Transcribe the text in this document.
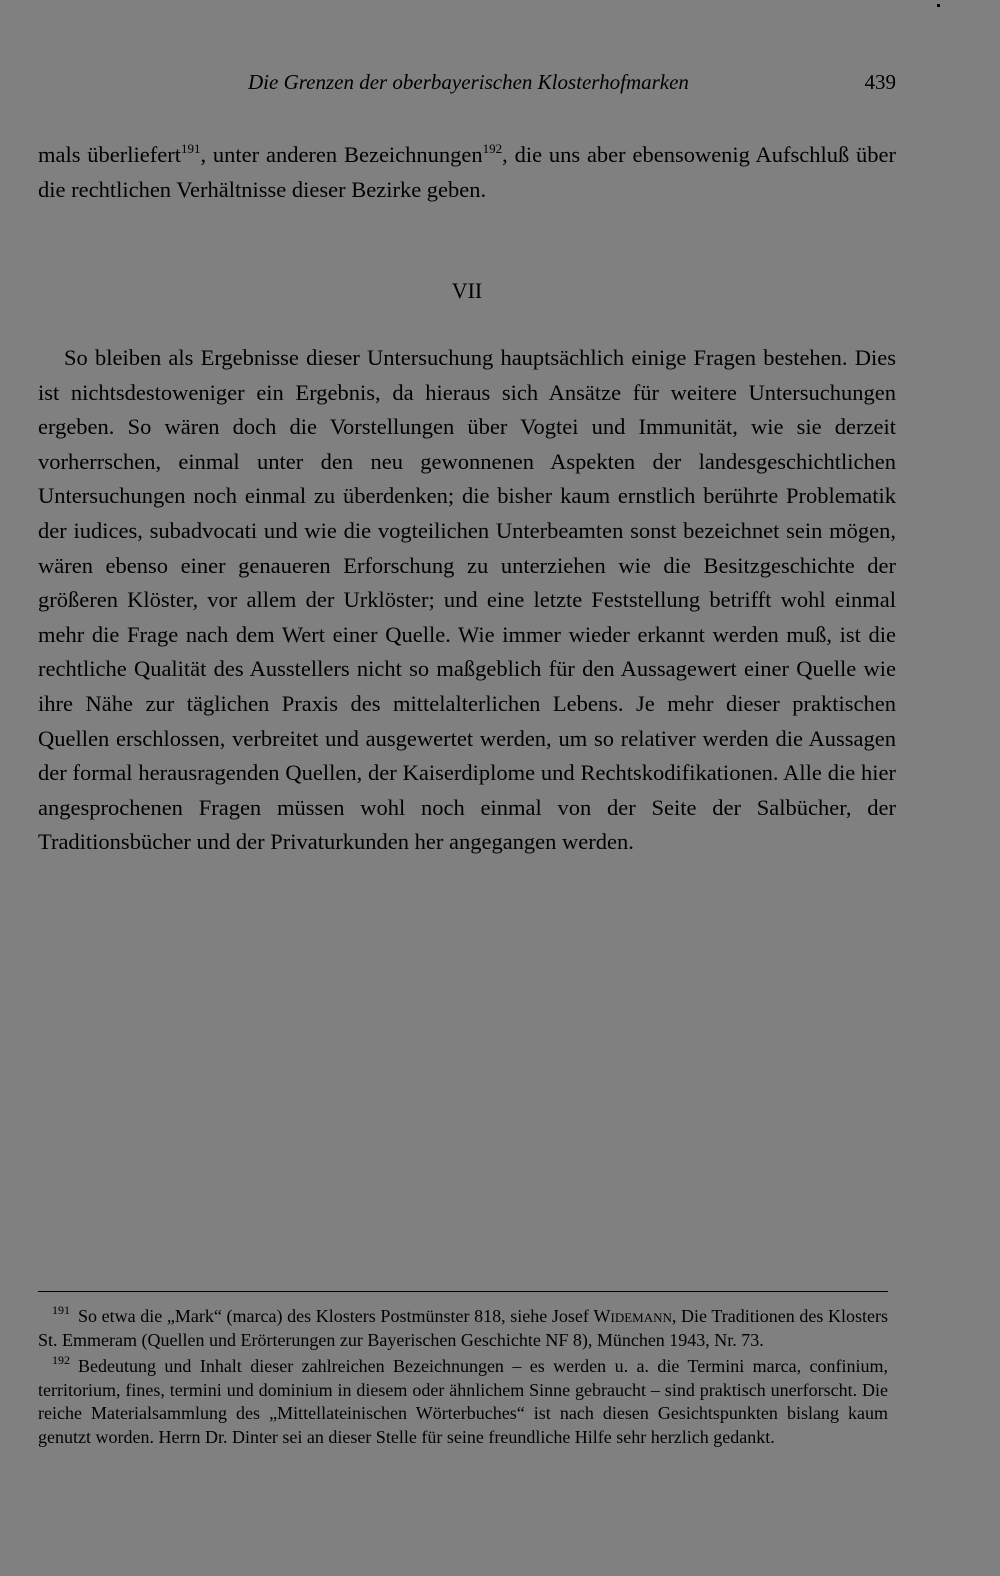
Die Grenzen der oberbayerischen Klosterhofmarken	439

mals überliefert$^{191}$, unter anderen Bezeichnungen$^{192}$, die uns aber ebensowenig Aufschluß über die rechtlichen Verhältnisse dieser Bezirke geben.

VII

So bleiben als Ergebnisse dieser Untersuchung hauptsächlich einige Fragen bestehen. Dies ist nichtsdestoweniger ein Ergebnis, da hieraus sich Ansätze für weitere Untersuchungen ergeben. So wären doch die Vorstellungen über Vogtei und Immunität, wie sie derzeit vorherrschen, einmal unter den neu gewonnenen Aspekten der landesgeschichtlichen Untersuchungen noch einmal zu überdenken; die bisher kaum ernstlich berührte Problematik der iudices, subadvocati und wie die vogteilichen Unterbeamten sonst bezeichnet sein mögen, wären ebenso einer genaueren Erforschung zu unterziehen wie die Besitzgeschichte der größeren Klöster, vor allem der Urklöster; und eine letzte Feststellung betrifft wohl einmal mehr die Frage nach dem Wert einer Quelle. Wie immer wieder erkannt werden muß, ist die rechtliche Qualität des Ausstellers nicht so maßgeblich für den Aussagewert einer Quelle wie ihre Nähe zur täglichen Praxis des mittelalterlichen Lebens. Je mehr dieser praktischen Quellen erschlossen, verbreitet und ausgewertet werden, um so relativer werden die Aussagen der formal herausragenden Quellen, der Kaiserdiplome und Rechtskodifikationen. Alle die hier angesprochenen Fragen müssen wohl noch einmal von der Seite der Salbücher, der Traditionsbücher und der Privaturkunden her angegangen werden.

$^{191}$ So etwa die „Mark“ (marca) des Klosters Postmünster 818, siehe Josef Widemann, Die Traditionen des Klosters St. Emmeram (Quellen und Erörterungen zur Bayerischen Geschichte NF 8), München 1943, Nr. 73.

$^{192}$ Bedeutung und Inhalt dieser zahlreichen Bezeichnungen – es werden u. a. die Termini marca, confinium, territorium, fines, termini und dominium in diesem oder ähnlichem Sinne gebraucht – sind praktisch unerforscht. Die reiche Materialsammlung des „Mittellateinischen Wörterbuches“ ist nach diesen Gesichtspunkten bislang kaum genutzt worden. Herrn Dr. Dinter sei an dieser Stelle für seine freundliche Hilfe sehr herzlich gedankt.
